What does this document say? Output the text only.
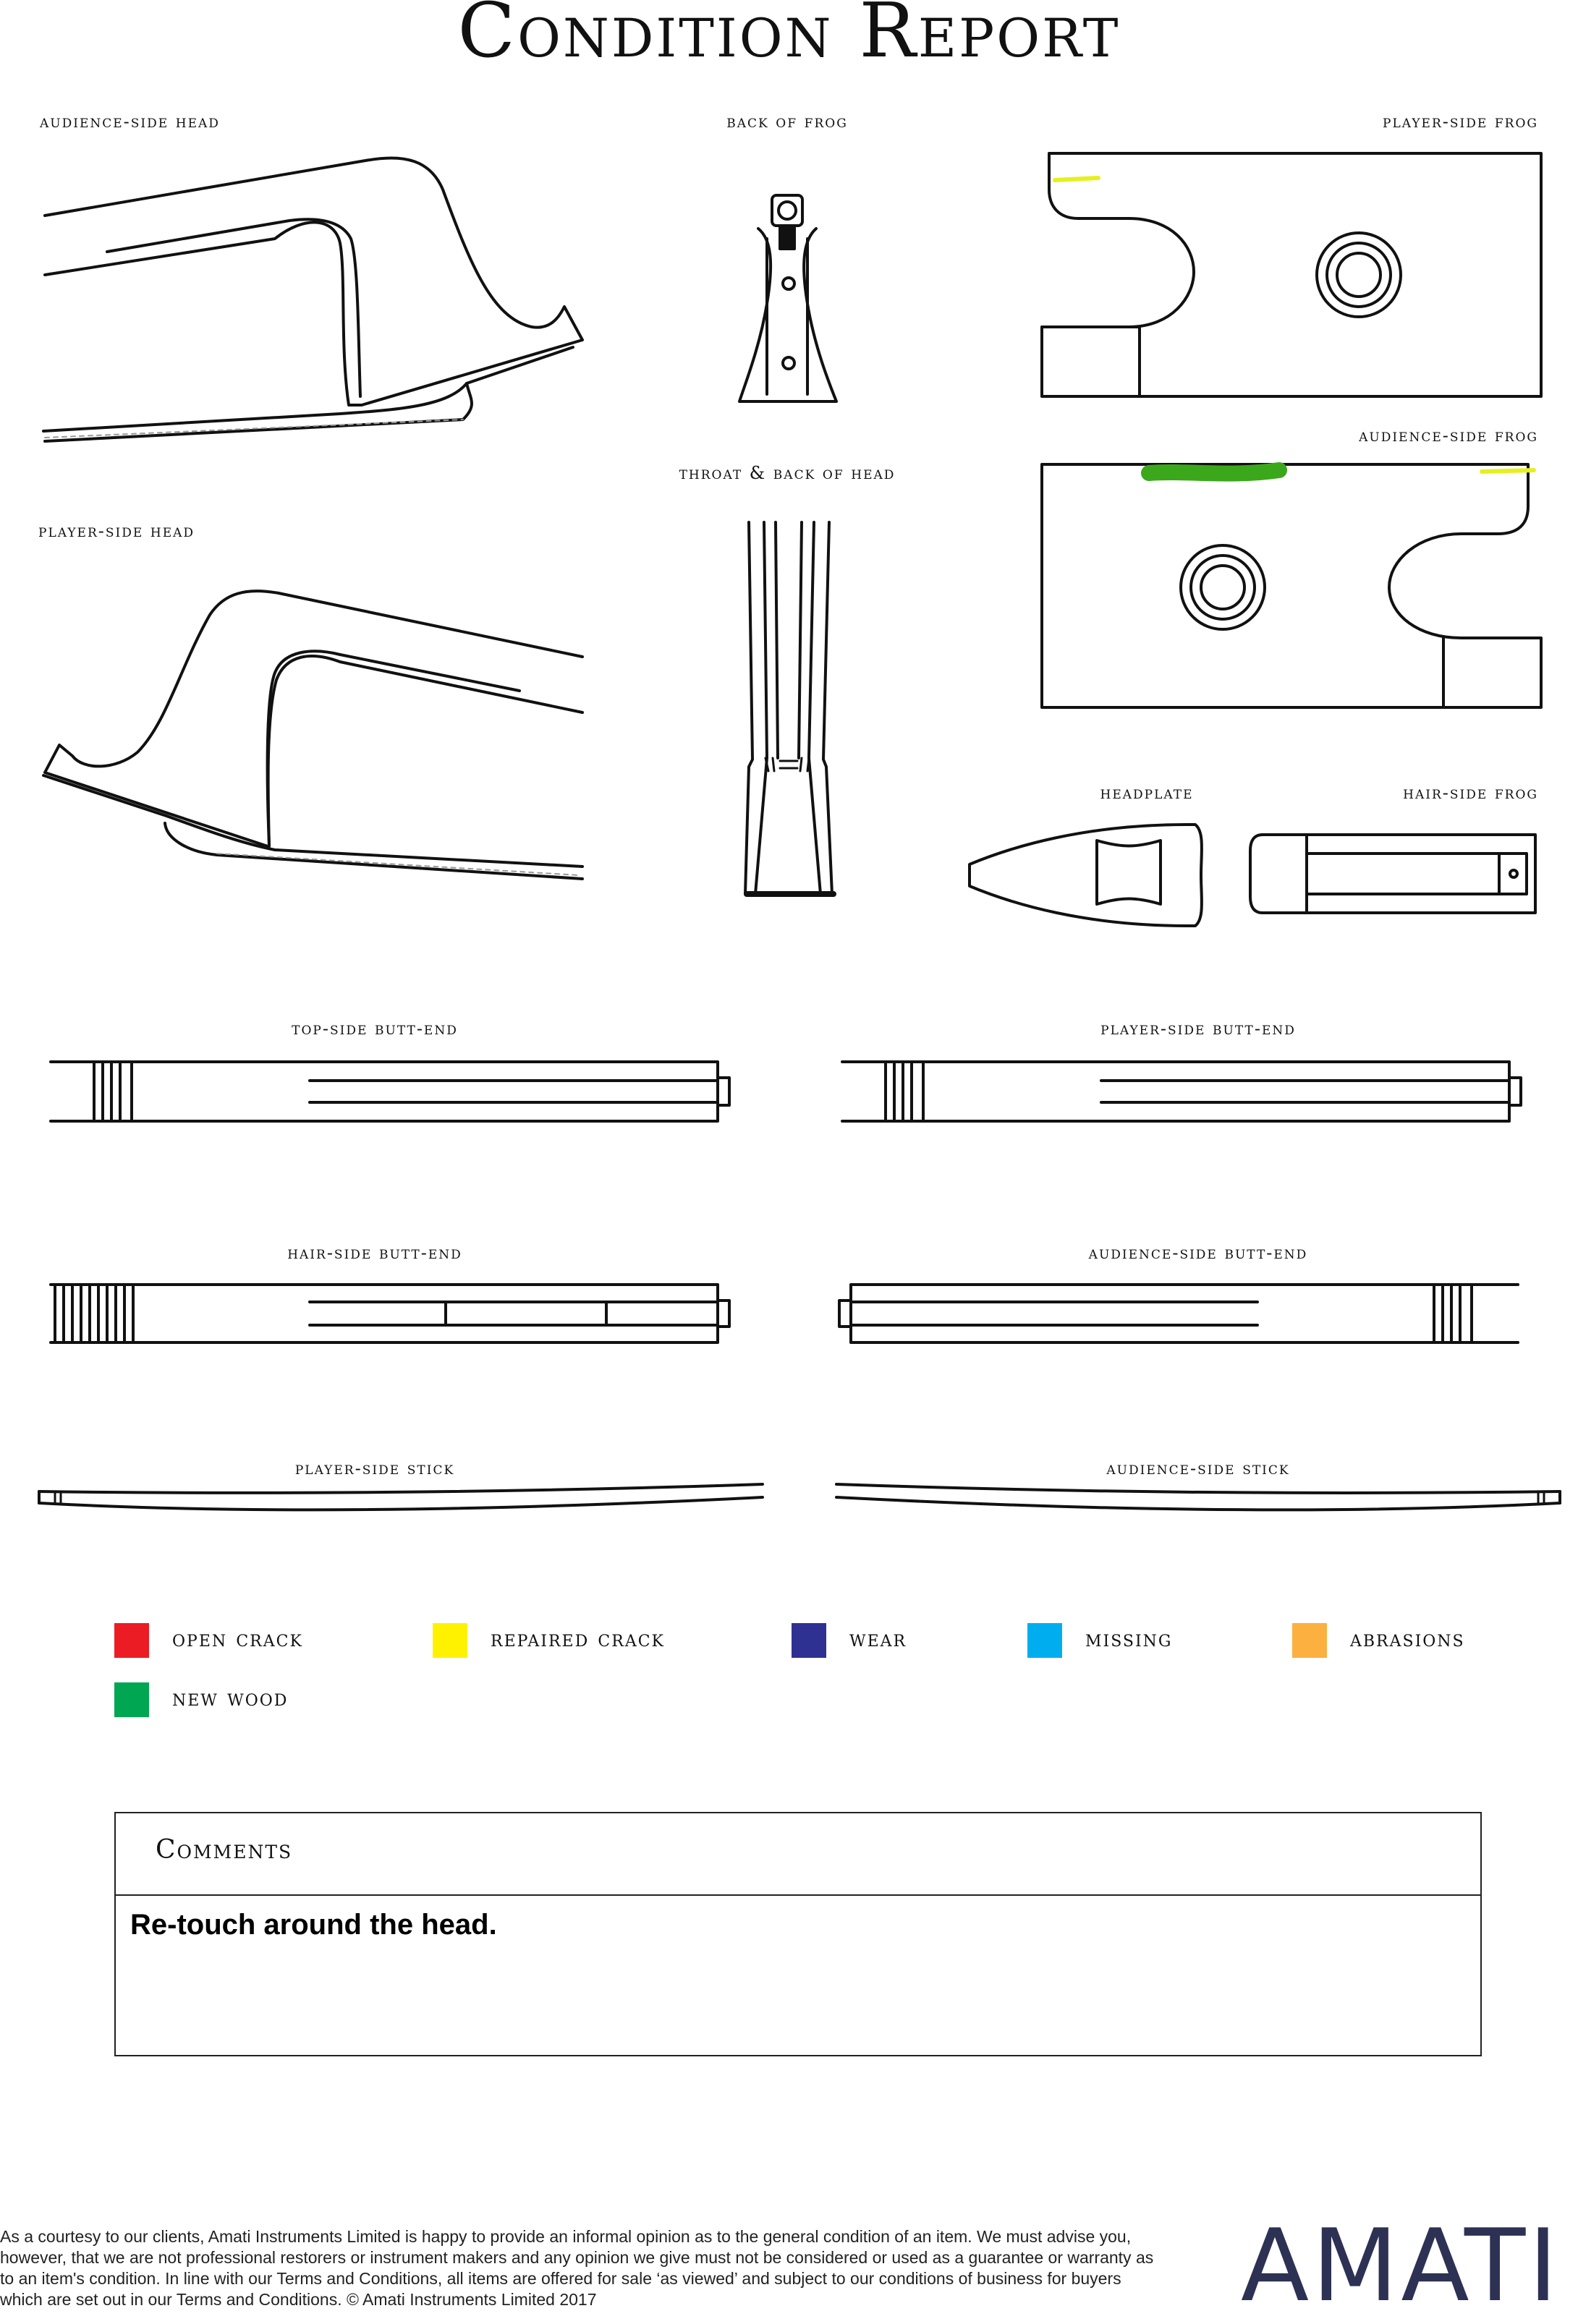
Condition Report
audience-side head	back of frog	player-side frog
throat & back of head
audience-side frog
player-side head
headplate	hair-side frog
top-side butt-end	player-side butt-end
hair-side butt-end	audience-side butt-end
player-side stick	audience-side stick
open crack	repaired crack	wear	missing	abrasions
new wood
Comments
Re-touch around the head.
As a courtesy to our clients, Amati Instruments Limited is happy to provide an informal opinion as to the general condition of an item. We must advise you, however, that we are not professional restorers or instrument makers and any opinion we give must not be considered or used as a guarantee or warranty as to an item's condition. In line with our Terms and Conditions, all items are offered for sale ‘as viewed’ and subject to our conditions of business for buyers which are set out in our Terms and Conditions. © Amati Instruments Limited 2017	AMATI
